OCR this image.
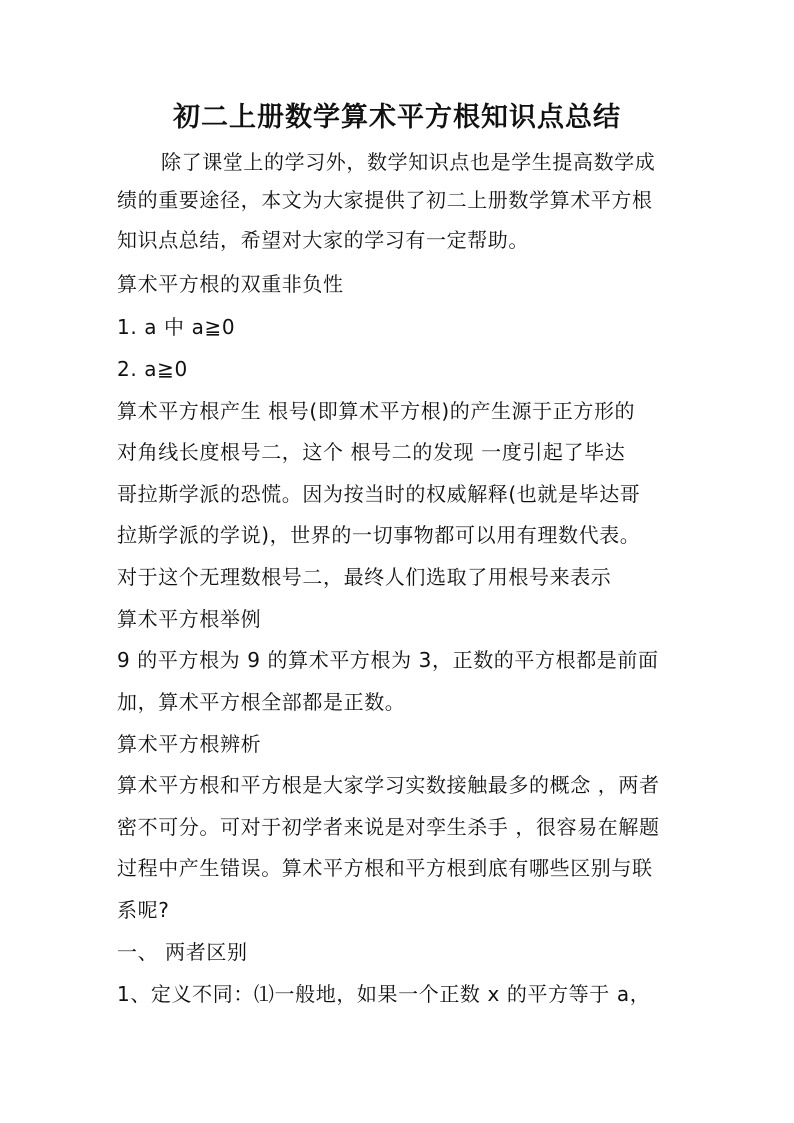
初二上册数学算术平方根知识点总结
除了课堂上的学习外，数学知识点也是学生提高数学成
绩的重要途径，本文为大家提供了初二上册数学算术平方根
知识点总结，希望对大家的学习有一定帮助。
算术平方根的双重非负性
1. a 中 a≧0
2. a≧0
算术平方根产生 根号(即算术平方根)的产生源于正方形的
对角线长度根号二，这个 根号二的发现 一度引起了毕达
哥拉斯学派的恐慌。因为按当时的权威解释(也就是毕达哥
拉斯学派的学说)，世界的一切事物都可以用有理数代表。
对于这个无理数根号二，最终人们选取了用根号来表示
算术平方根举例
9 的平方根为 9 的算术平方根为 3，正数的平方根都是前面
加，算术平方根全部都是正数。
算术平方根辨析
算术平方根和平方根是大家学习实数接触最多的概念 ，两者
密不可分。可对于初学者来说是对孪生杀手 ，很容易在解题
过程中产生错误。算术平方根和平方根到底有哪些区别与联
系呢?
一、 两者区别
1、定义不同：⑴一般地，如果一个正数 x 的平方等于 a，
